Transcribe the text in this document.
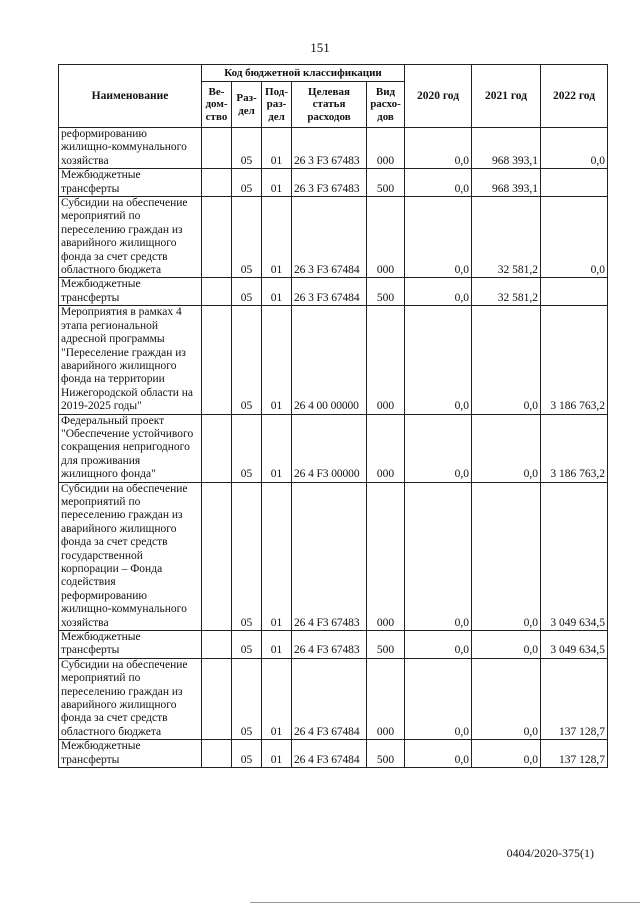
151
Наименование	Код бюджетной классификации					2020 год	2021 год	2022 год
	Ве-дом-ство	Раз-дел	Под-раз-дел	Целевая статья расходов	Вид расхо-дов			
реформированию жилищно-коммунального хозяйства		05	01	26 3 F3 67483	000	0,0	968 393,1	0,0
Межбюджетные трансферты		05	01	26 3 F3 67483	500	0,0	968 393,1	
Субсидии на обеспечение мероприятий по переселению граждан из аварийного жилищного фонда за счет средств областного бюджета		05	01	26 3 F3 67484	000	0,0	32 581,2	0,0
Межбюджетные трансферты		05	01	26 3 F3 67484	500	0,0	32 581,2	
Мероприятия в рамках 4 этапа региональной адресной программы "Переселение граждан из аварийного жилищного фонда на территории Нижегородской области на 2019-2025 годы"		05	01	26 4 00 00000	000	0,0	0,0	3 186 763,2
Федеральный проект "Обеспечение устойчивого сокращения непригодного для проживания жилищного фонда"		05	01	26 4 F3 00000	000	0,0	0,0	3 186 763,2
Субсидии на обеспечение мероприятий по переселению граждан из аварийного жилищного фонда за счет средств государственной корпорации – Фонда содействия реформированию жилищно-коммунального хозяйства		05	01	26 4 F3 67483	000	0,0	0,0	3 049 634,5
Межбюджетные трансферты		05	01	26 4 F3 67483	500	0,0	0,0	3 049 634,5
Субсидии на обеспечение мероприятий по переселению граждан из аварийного жилищного фонда за счет средств областного бюджета		05	01	26 4 F3 67484	000	0,0	0,0	137 128,7
Межбюджетные трансферты		05	01	26 4 F3 67484	500	0,0	0,0	137 128,7
0404/2020-375(1)
